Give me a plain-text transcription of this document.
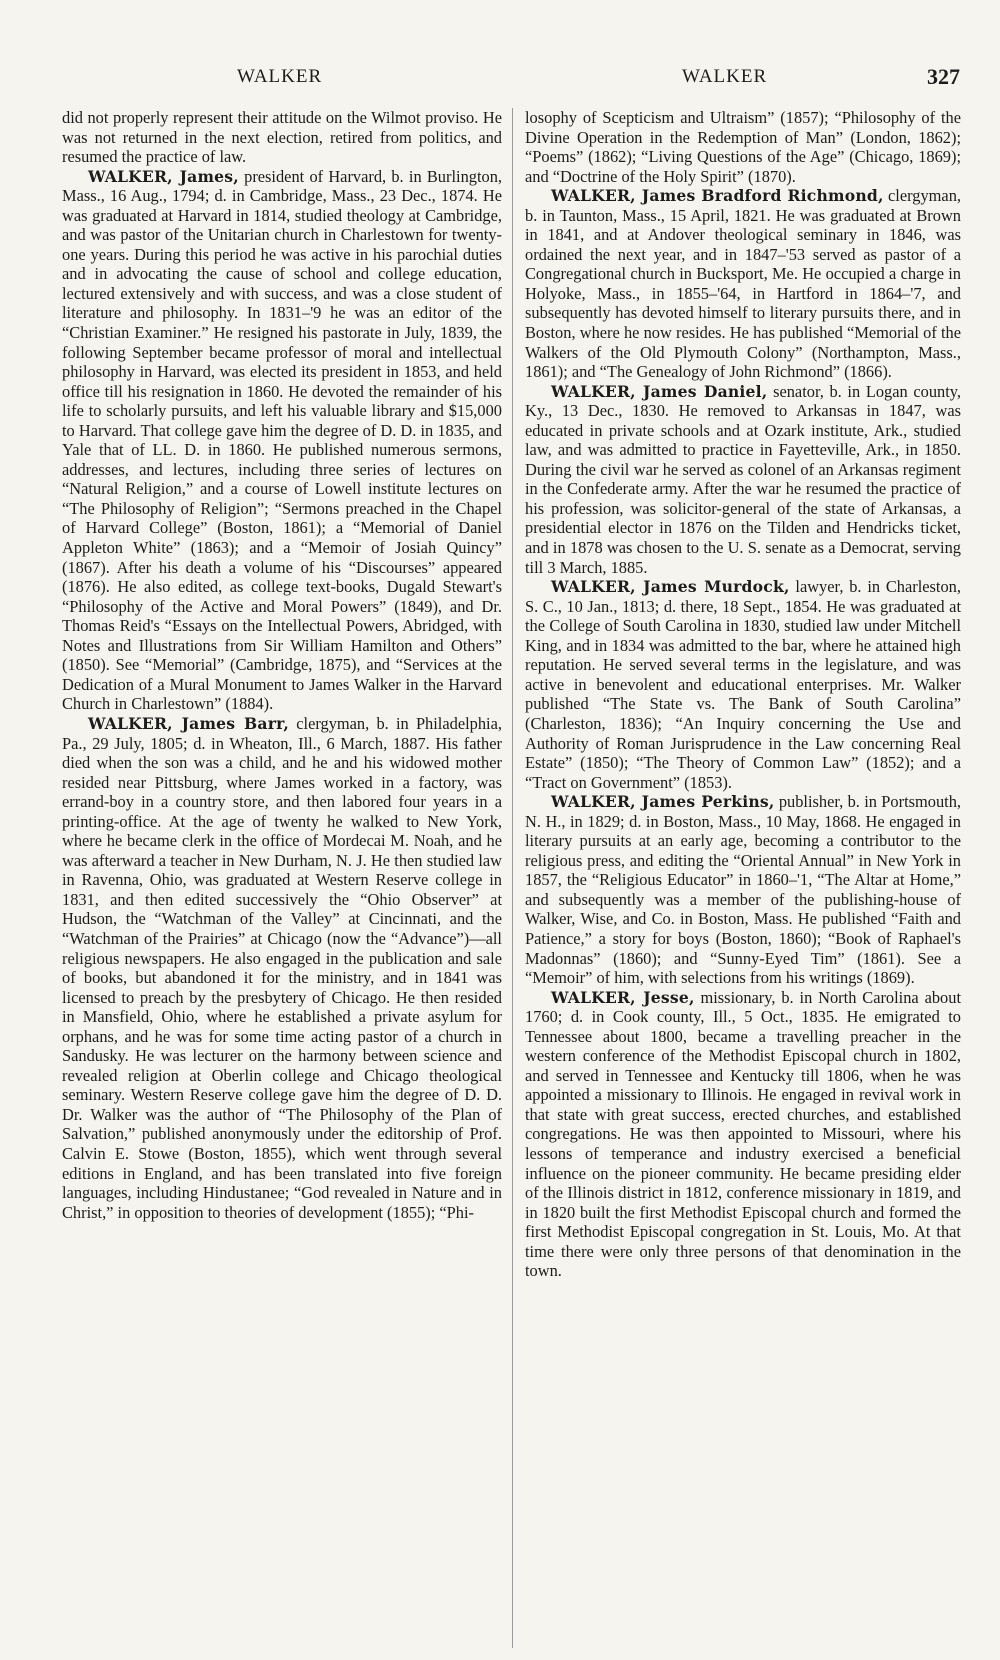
WALKER	WALKER	327

did not properly represent their attitude on the Wilmot proviso. He was not returned in the next election, retired from politics, and resumed the practice of law.

WALKER, James, president of Harvard, b. in Burlington, Mass., 16 Aug., 1794; d. in Cambridge, Mass., 23 Dec., 1874. He was graduated at Harvard in 1814, studied theology at Cambridge, and was pastor of the Unitarian church in Charlestown for twenty-one years. During this period he was active in his parochial duties and in advocating the cause of school and college education, lectured extensively and with success, and was a close student of literature and philosophy. In 1831–'9 he was an editor of the “Christian Examiner.” He resigned his pastorate in July, 1839, the following September became professor of moral and intellectual philosophy in Harvard, was elected its president in 1853, and held office till his resignation in 1860. He devoted the remainder of his life to scholarly pursuits, and left his valuable library and $15,000 to Harvard. That college gave him the degree of D. D. in 1835, and Yale that of LL. D. in 1860. He published numerous sermons, addresses, and lectures, including three series of lectures on “Natural Religion,” and a course of Lowell institute lectures on “The Philosophy of Religion”; “Sermons preached in the Chapel of Harvard College” (Boston, 1861); a “Memorial of Daniel Appleton White” (1863); and a “Memoir of Josiah Quincy” (1867). After his death a volume of his “Discourses” appeared (1876). He also edited, as college text-books, Dugald Stewart's “Philosophy of the Active and Moral Powers” (1849), and Dr. Thomas Reid's “Essays on the Intellectual Powers, Abridged, with Notes and Illustrations from Sir William Hamilton and Others” (1850). See “Memorial” (Cambridge, 1875), and “Services at the Dedication of a Mural Monument to James Walker in the Harvard Church in Charlestown” (1884).

WALKER, James Barr, clergyman, b. in Philadelphia, Pa., 29 July, 1805; d. in Wheaton, Ill., 6 March, 1887. His father died when the son was a child, and he and his widowed mother resided near Pittsburg, where James worked in a factory, was errand-boy in a country store, and then labored four years in a printing-office. At the age of twenty he walked to New York, where he became clerk in the office of Mordecai M. Noah, and he was afterward a teacher in New Durham, N. J. He then studied law in Ravenna, Ohio, was graduated at Western Reserve college in 1831, and then edited successively the “Ohio Observer” at Hudson, the “Watchman of the Valley” at Cincinnati, and the “Watchman of the Prairies” at Chicago (now the “Advance”)—all religious newspapers. He also engaged in the publication and sale of books, but abandoned it for the ministry, and in 1841 was licensed to preach by the presbytery of Chicago. He then resided in Mansfield, Ohio, where he established a private asylum for orphans, and he was for some time acting pastor of a church in Sandusky. He was lecturer on the harmony between science and revealed religion at Oberlin college and Chicago theological seminary. Western Reserve college gave him the degree of D. D. Dr. Walker was the author of “The Philosophy of the Plan of Salvation,” published anonymously under the editorship of Prof. Calvin E. Stowe (Boston, 1855), which went through several editions in England, and has been translated into five foreign languages, including Hindustanee; “God revealed in Nature and in Christ,” in opposition to theories of development (1855); “Phi-

losophy of Scepticism and Ultraism” (1857); “Philosophy of the Divine Operation in the Redemption of Man” (London, 1862); “Poems” (1862); “Living Questions of the Age” (Chicago, 1869); and “Doctrine of the Holy Spirit” (1870).

WALKER, James Bradford Richmond, clergyman, b. in Taunton, Mass., 15 April, 1821. He was graduated at Brown in 1841, and at Andover theological seminary in 1846, was ordained the next year, and in 1847–'53 served as pastor of a Congregational church in Bucksport, Me. He occupied a charge in Holyoke, Mass., in 1855–'64, in Hartford in 1864–'7, and subsequently has devoted himself to literary pursuits there, and in Boston, where he now resides. He has published “Memorial of the Walkers of the Old Plymouth Colony” (Northampton, Mass., 1861); and “The Genealogy of John Richmond” (1866).

WALKER, James Daniel, senator, b. in Logan county, Ky., 13 Dec., 1830. He removed to Arkansas in 1847, was educated in private schools and at Ozark institute, Ark., studied law, and was admitted to practice in Fayetteville, Ark., in 1850. During the civil war he served as colonel of an Arkansas regiment in the Confederate army. After the war he resumed the practice of his profession, was solicitor-general of the state of Arkansas, a presidential elector in 1876 on the Tilden and Hendricks ticket, and in 1878 was chosen to the U. S. senate as a Democrat, serving till 3 March, 1885.

WALKER, James Murdock, lawyer, b. in Charleston, S. C., 10 Jan., 1813; d. there, 18 Sept., 1854. He was graduated at the College of South Carolina in 1830, studied law under Mitchell King, and in 1834 was admitted to the bar, where he attained high reputation. He served several terms in the legislature, and was active in benevolent and educational enterprises. Mr. Walker published “The State vs. The Bank of South Carolina” (Charleston, 1836); “An Inquiry concerning the Use and Authority of Roman Jurisprudence in the Law concerning Real Estate” (1850); “The Theory of Common Law” (1852); and a “Tract on Government” (1853).

WALKER, James Perkins, publisher, b. in Portsmouth, N. H., in 1829; d. in Boston, Mass., 10 May, 1868. He engaged in literary pursuits at an early age, becoming a contributor to the religious press, and editing the “Oriental Annual” in New York in 1857, the “Religious Educator” in 1860–'1, “The Altar at Home,” and subsequently was a member of the publishing-house of Walker, Wise, and Co. in Boston, Mass. He published “Faith and Patience,” a story for boys (Boston, 1860); “Book of Raphael's Madonnas” (1860); and “Sunny-Eyed Tim” (1861). See a “Memoir” of him, with selections from his writings (1869).

WALKER, Jesse, missionary, b. in North Carolina about 1760; d. in Cook county, Ill., 5 Oct., 1835. He emigrated to Tennessee about 1800, became a travelling preacher in the western conference of the Methodist Episcopal church in 1802, and served in Tennessee and Kentucky till 1806, when he was appointed a missionary to Illinois. He engaged in revival work in that state with great success, erected churches, and established congregations. He was then appointed to Missouri, where his lessons of temperance and industry exercised a beneficial influence on the pioneer community. He became presiding elder of the Illinois district in 1812, conference missionary in 1819, and in 1820 built the first Methodist Episcopal church and formed the first Methodist Episcopal congregation in St. Louis, Mo. At that time there were only three persons of that denomination in the town.
